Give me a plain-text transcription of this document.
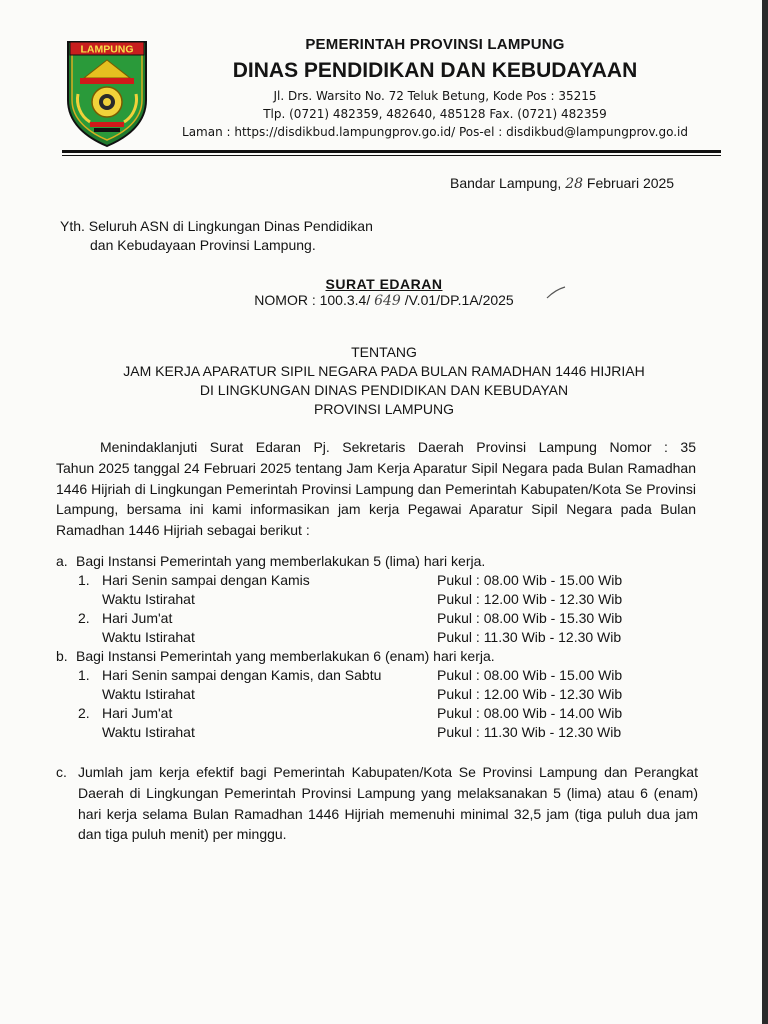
LAMPUNG	PEMERINTAH PROVINSI LAMPUNG
DINAS PENDIDIKAN DAN KEBUDAYAAN
Jl. Drs. Warsito No. 72 Teluk Betung, Kode Pos : 35215
Tlp. (0721) 482359, 482640, 485128 Fax. (0721) 482359
Laman : https://disdikbud.lampungprov.go.id/ Pos-el : disdikbud@lampungprov.go.id
Bandar Lampung, 28 Februari 2025
Yth. Seluruh ASN di Lingkungan Dinas Pendidikan
dan Kebudayaan Provinsi Lampung.
SURAT EDARAN
NOMOR : 100.3.4/ 649 /V.01/DP.1A/2025
TENTANG
JAM KERJA APARATUR SIPIL NEGARA PADA BULAN RAMADHAN 1446 HIJRIAH
DI LINGKUNGAN DINAS PENDIDIKAN DAN KEBUDAYAN
PROVINSI LAMPUNG
Menindaklanjuti Surat Edaran Pj. Sekretaris Daerah Provinsi Lampung Nomor : 35
Tahun 2025 tanggal 24 Februari 2025 tentang Jam Kerja Aparatur Sipil Negara pada Bulan Ramadhan 1446 Hijriah di Lingkungan Pemerintah Provinsi Lampung dan Pemerintah Kabupaten/Kota Se Provinsi Lampung, bersama ini kami informasikan jam kerja Pegawai Aparatur Sipil Negara pada Bulan Ramadhan 1446 Hijriah sebagai berikut :
a. Bagi Instansi Pemerintah yang memberlakukan 5 (lima) hari kerja.
1. Hari Senin sampai dengan Kamis	Pukul : 08.00 Wib - 15.00 Wib
Waktu Istirahat	Pukul : 12.00 Wib - 12.30 Wib
2. Hari Jum'at	Pukul : 08.00 Wib - 15.30 Wib
Waktu Istirahat	Pukul : 11.30 Wib - 12.30 Wib
b. Bagi Instansi Pemerintah yang memberlakukan 6 (enam) hari kerja.
1. Hari Senin sampai dengan Kamis, dan Sabtu	Pukul : 08.00 Wib - 15.00 Wib
Waktu Istirahat	Pukul : 12.00 Wib - 12.30 Wib
2. Hari Jum'at	Pukul : 08.00 Wib - 14.00 Wib
Waktu Istirahat	Pukul : 11.30 Wib - 12.30 Wib
c. Jumlah jam kerja efektif bagi Pemerintah Kabupaten/Kota Se Provinsi Lampung dan Perangkat Daerah di Lingkungan Pemerintah Provinsi Lampung yang melaksanakan 5 (lima) atau 6 (enam) hari kerja selama Bulan Ramadhan 1446 Hijriah memenuhi minimal 32,5 jam (tiga puluh dua jam dan tiga puluh menit) per minggu.
